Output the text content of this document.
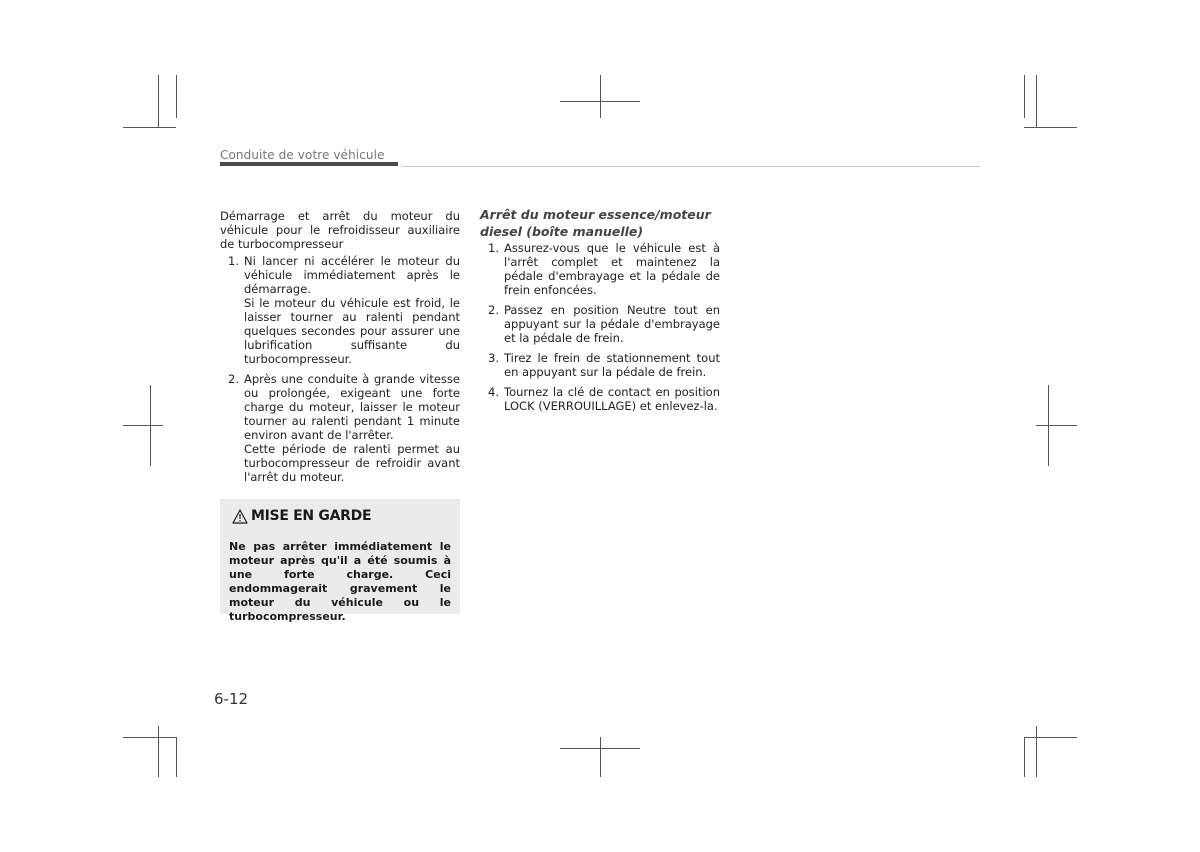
Conduite de votre véhicule
Démarrage et arrêt du moteur du véhicule pour le refroidisseur auxiliaire de turbocompresseur
1. Ni lancer ni accélérer le moteur du véhicule immédiatement après le démarrage.

Si le moteur du véhicule est froid, le laisser tourner au ralenti pendant quelques secondes pour assurer une lubrification suffisante du turbocompresseur.

2. Après une conduite à grande vitesse ou prolongée, exigeant une forte charge du moteur, laisser le moteur tourner au ralenti pendant 1 minute environ avant de l'arrêter.

Cette période de ralenti permet au turbocompresseur de refroidir avant l'arrêt du moteur.

MISE EN GARDE
Ne pas arrêter immédiatement le moteur après qu'il a été soumis à une forte charge. Ceci endommagerait gravement le moteur du véhicule ou le turbocompresseur.
Arrêt du moteur essence/moteur diesel (boîte manuelle)
1. Assurez-vous que le véhicule est à l'arrêt complet et maintenez la pédale d'embrayage et la pédale de frein enfoncées.
2. Passez en position Neutre tout en appuyant sur la pédale d'embrayage et la pédale de frein.
3. Tirez le frein de stationnement tout en appuyant sur la pédale de frein.
4. Tournez la clé de contact en position LOCK (VERROUILLAGE) et enlevez-la.
6-12
